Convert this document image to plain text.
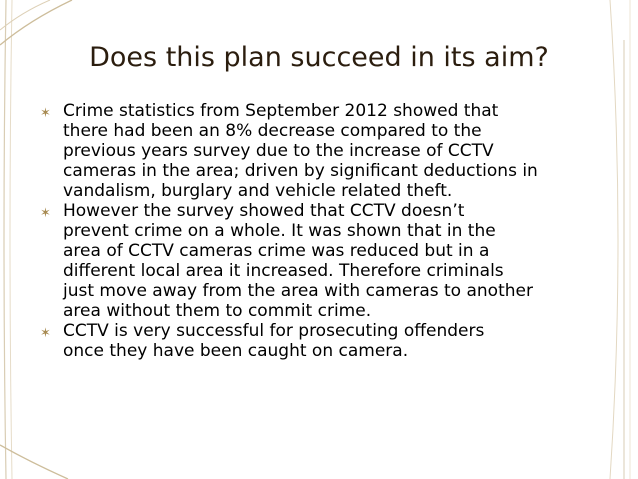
Does this plan succeed in its aim?
✶ Crime statistics from September 2012 showed that
there had been an 8% decrease compared to the
previous years survey due to the increase of CCTV
cameras in the area; driven by significant deductions in
vandalism, burglary and vehicle related theft.
✶ However the survey showed that CCTV doesn’t
prevent crime on a whole. It was shown that in the
area of CCTV cameras crime was reduced but in a
different local area it increased. Therefore criminals
just move away from the area with cameras to another
area without them to commit crime.
✶ CCTV is very successful for prosecuting offenders
once they have been caught on camera.
